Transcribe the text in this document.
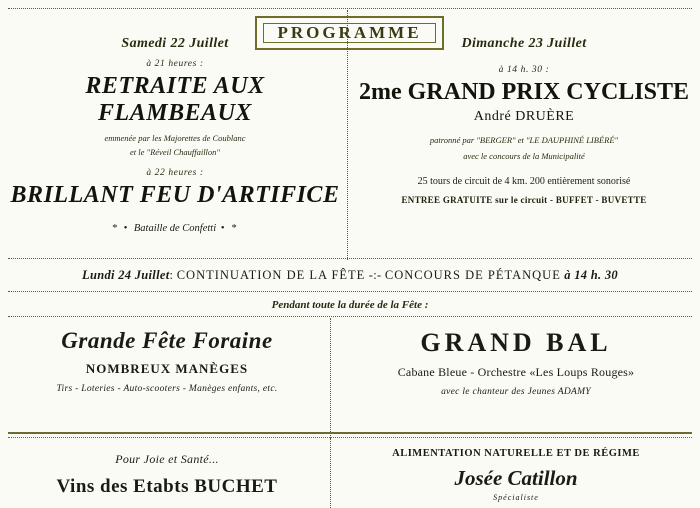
PROGRAMME
Samedi 22 Juillet
à 21 heures :
RETRAITE AUX FLAMBEAUX
emmenée par les Majorettes de Coublanc
et le "Réveil Chauffaillon"
à 22 heures :
BRILLANT FEU D'ARTIFICE
* • Bataille de Confetti • *
Dimanche 23 Juillet
à 14 h. 30 :
2me GRAND PRIX CYCLISTE
André DRUÈRE
patronné par "BERGER" et "LE DAUPHINÉ LIBÉRÉ"
avec le concours de la Municipalité
25 tours de circuit de 4 km. 200 entièrement sonorisé
ENTREE GRATUITE sur le circuit - BUFFET - BUVETTE
Lundi 24 Juillet: CONTINUATION DE LA FÊTE -:- CONCOURS DE PÉTANQUE à 14 h. 30
Pendant toute la durée de la Fête :
Grande Fête Foraine
NOMBREUX MANÈGES
Tirs - Loteries - Auto-scooters - Manèges enfants, etc.
GRAND BAL
Cabane Bleue - Orchestre «Les Loups Rouges»
avec le chanteur des Jeunes ADAMY
Pour Joie et Santé...
Vins des Etabts BUCHET
ALIMENTATION NATURELLE ET DE RÉGIME
Josée Catillon
Spécialiste
